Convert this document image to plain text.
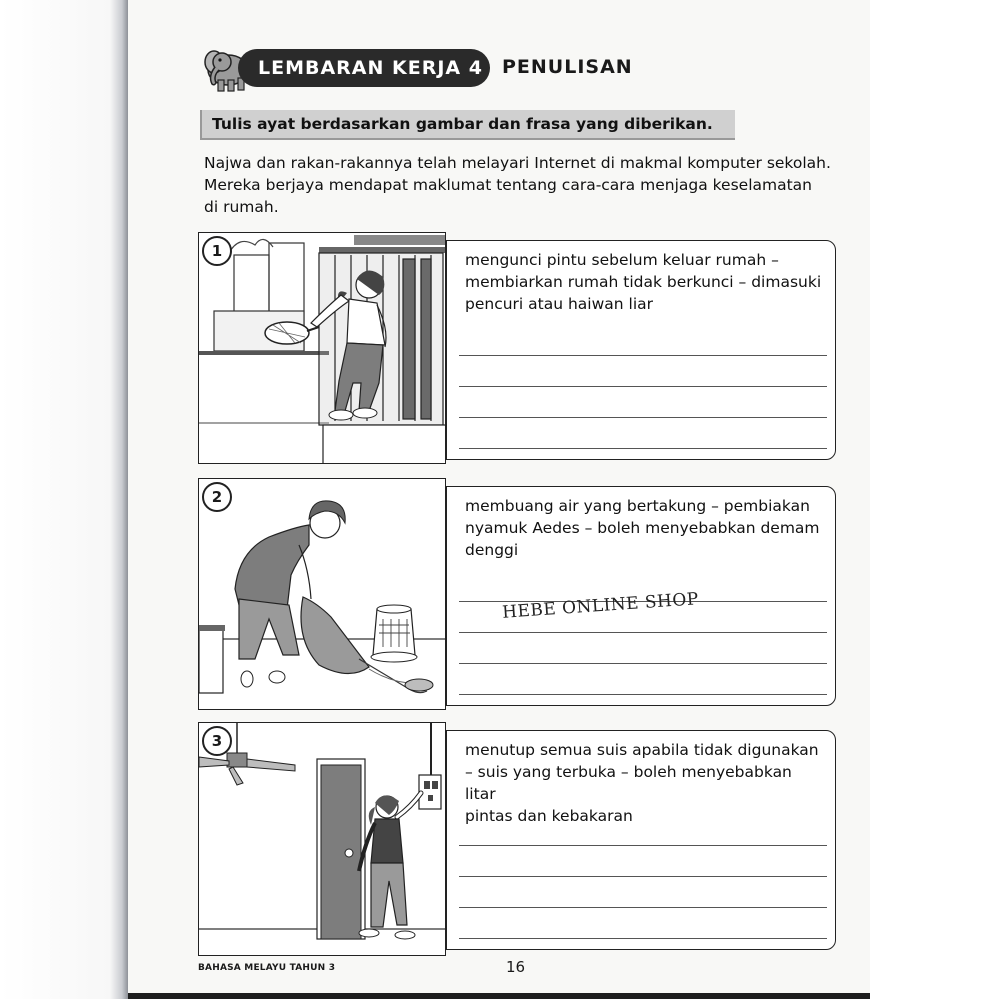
LEMBARAN KERJA 4	PENULISAN
Tulis ayat berdasarkan gambar dan frasa yang diberikan.
Najwa dan rakan-rakannya telah melayari Internet di makmal komputer sekolah.
Mereka berjaya mendapat maklumat tentang cara-cara menjaga keselamatan
di rumah.
1	mengunci pintu sebelum keluar rumah –
membiarkan rumah tidak berkunci – dimasuki
pencuri atau haiwan liar
2	membuang air yang bertakung – pembiakan
nyamuk Aedes – boleh menyebabkan demam
denggi
HEBE ONLINE SHOP
3	menutup semua suis apabila tidak digunakan
– suis yang terbuka – boleh menyebabkan litar
pintas dan kebakaran
BAHASA MELAYU TAHUN 3	16
